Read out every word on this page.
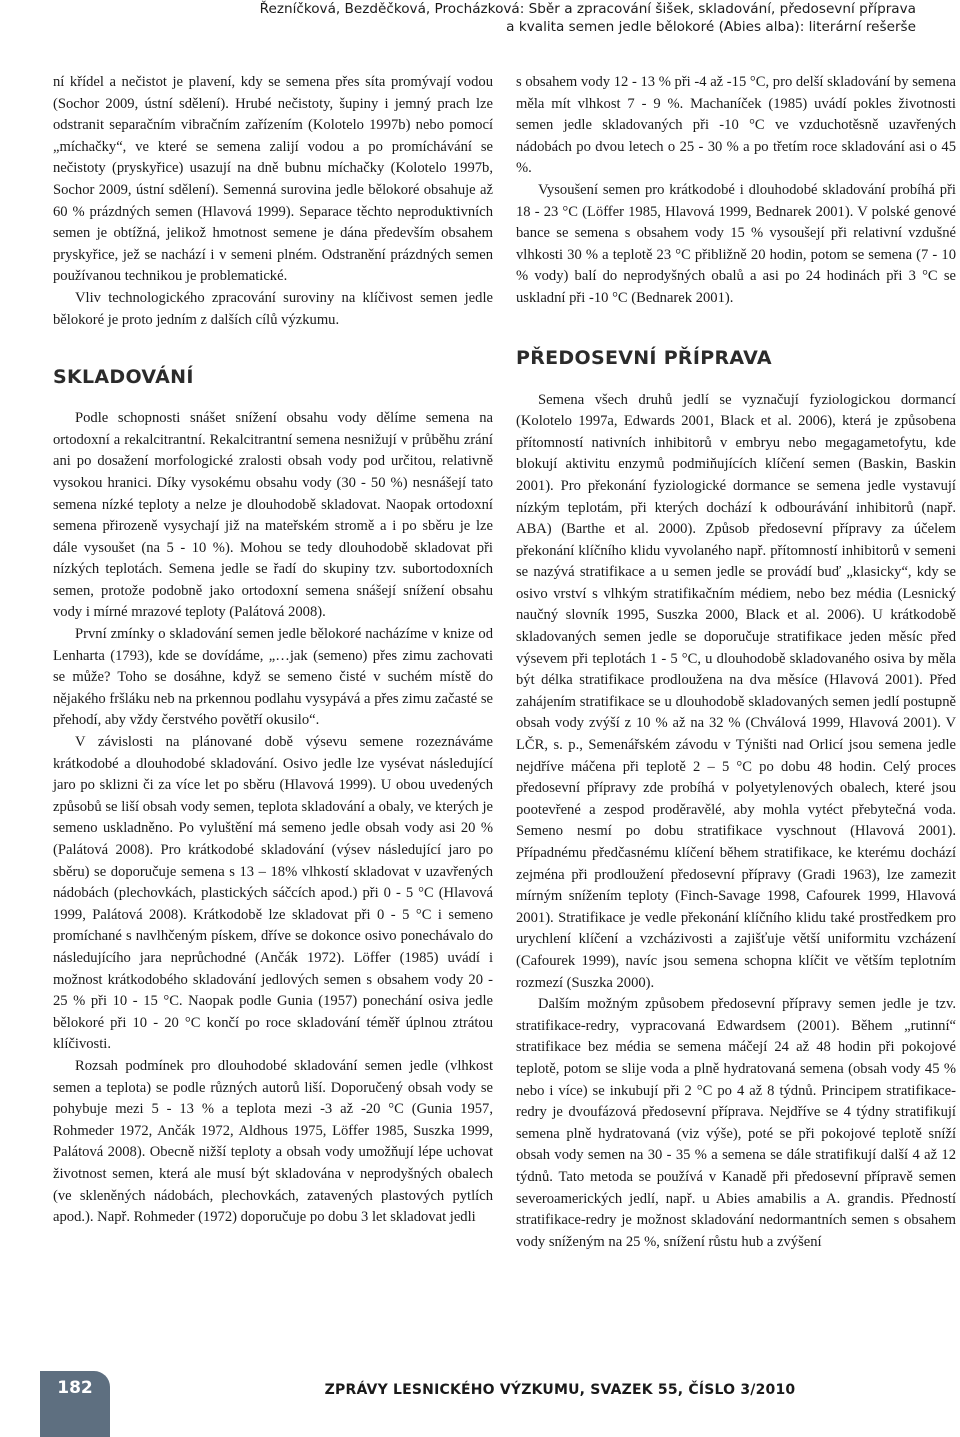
Řezníčková, Bezděčková, Procházková: Sběr a zpracování šišek, skladování, předosevní příprava
a kvalita semen jedle bělokoré (Abies alba): literární rešerše

ní křídel a nečistot je plavení, kdy se semena přes síta promývají vodou (Sochor 2009, ústní sdělení). Hrubé nečistoty, šupiny i jemný prach lze odstranit separačním vibračním zařízením (Kolotelo 1997b) nebo pomocí „míchačky“, ve které se semena zalijí vodou a po promíchávání se nečistoty (pryskyřice) usazují na dně bubnu míchačky (Kolotelo 1997b, Sochor 2009, ústní sdělení). Semenná surovina jedle bělokoré obsahuje až 60 % prázdných semen (Hlavová 1999). Separace těchto neproduktivních semen je obtížná, jelikož hmotnost semene je dána především obsahem pryskyřice, jež se nachází i v semeni plném. Odstranění prázdných semen používanou technikou je problematické.

Vliv technologického zpracování suroviny na klíčivost semen jedle bělokoré je proto jedním z dalších cílů výzkumu.

SKLADOVÁNÍ

Podle schopnosti snášet snížení obsahu vody dělíme semena na ortodoxní a rekalcitrantní. Rekalcitrantní semena nesnižují v průběhu zrání ani po dosažení morfologické zralosti obsah vody pod určitou, relativně vysokou hranici. Díky vysokému obsahu vody (30 - 50 %) nesnášejí tato semena nízké teploty a nelze je dlouhodobě skladovat. Naopak ortodoxní semena přirozeně vysychají již na mateřském stromě a i po sběru je lze dále vysoušet (na 5 - 10 %). Mohou se tedy dlouhodobě skladovat při nízkých teplotách. Semena jedle se řadí do skupiny tzv. subortodoxních semen, protože podobně jako ortodoxní semena snášejí snížení obsahu vody i mírné mrazové teploty (Palátová 2008).

První zmínky o skladování semen jedle bělokoré nacházíme v knize od Lenharta (1793), kde se dovídáme, „…jak (semeno) přes zimu zachovati se může? Toho se dosáhne, když se semeno čisté v suchém místě do nějakého fršláku neb na prkennou podlahu vysypává a přes zimu začasté se přehodí, aby vždy čerstvého povětří okusilo“.

V závislosti na plánované době výsevu semene rozeznáváme krátkodobé a dlouhodobé skladování. Osivo jedle lze vysévat následující jaro po sklizni či za více let po sběru (Hlavová 1999). U obou uvedených způsobů se liší obsah vody semen, teplota skladování a obaly, ve kterých je semeno uskladněno. Po vyluštění má semeno jedle obsah vody asi 20 % (Palátová 2008). Pro krátkodobé skladování (výsev následující jaro po sběru) se doporučuje semena s 13 – 18% vlhkostí skladovat v uzavřených nádobách (plechovkách, plastických sáčcích apod.) při 0 - 5 °C (Hlavová 1999, Palátová 2008). Krátkodobě lze skladovat při 0 - 5 °C i semeno promíchané s navlhčeným pískem, dříve se dokonce osivo ponechávalo do následujícího jara neprůchodné (Ančák 1972). Löffer (1985) uvádí i možnost krátkodobého skladování jedlových semen s obsahem vody 20 - 25 % při 10 - 15 °C. Naopak podle Gunia (1957) ponechání osiva jedle bělokoré při 10 - 20 °C končí po roce skladování téměř úplnou ztrátou klíčivosti.

Rozsah podmínek pro dlouhodobé skladování semen jedle (vlhkost semen a teplota) se podle různých autorů liší. Doporučený obsah vody se pohybuje mezi 5 - 13 % a teplota mezi -3 až -20 °C (Gunia 1957, Rohmeder 1972, Ančák 1972, Aldhous 1975, Löffer 1985, Suszka 1999, Palátová 2008). Obecně nižší teploty a obsah vody umožňují lépe uchovat životnost semen, která ale musí být skladována v neprodyšných obalech (ve skleněných nádobách, plechovkách, zatavených plastových pytlích apod.). Např. Rohmeder (1972) doporučuje po dobu 3 let skladovat jedli

s obsahem vody 12 - 13 % při -4 až -15 °C, pro delší skladování by semena měla mít vlhkost 7 - 9 %. Machaníček (1985) uvádí pokles životnosti semen jedle skladovaných při -10 °C ve vzduchotěsně uzavřených nádobách po dvou letech o 25 - 30 % a po třetím roce skladování asi o 45 %.

Vysoušení semen pro krátkodobé i dlouhodobé skladování probíhá při 18 - 23 °C (Löffer 1985, Hlavová 1999, Bednarek 2001). V polské genové bance se semena s obsahem vody 15 % vysoušejí při relativní vzdušné vlhkosti 30 % a teplotě 23 °C přibližně 20 hodin, potom se semena (7 - 10 % vody) balí do neprodyšných obalů a asi po 24 hodinách při 3 °C se uskladní při -10 °C (Bednarek 2001).

PŘEDOSEVNÍ PŘÍPRAVA

Semena všech druhů jedlí se vyznačují fyziologickou dormancí (Kolotelo 1997a, Edwards 2001, Black et al. 2006), která je způsobena přítomností nativních inhibitorů v embryu nebo megagametofytu, kde blokují aktivitu enzymů podmiňujících klíčení semen (Baskin, Baskin 2001). Pro překonání fyziologické dormance se semena jedle vystavují nízkým teplotám, při kterých dochází k odbourávání inhibitorů (např. ABA) (Barthe et al. 2000). Způsob předosevní přípravy za účelem překonání klíčního klidu vyvolaného např. přítomností inhibitorů v semeni se nazývá stratifikace a u semen jedle se provádí buď „klasicky“, kdy se osivo vrství s vlhkým stratifikačním médiem, nebo bez média (Lesnický naučný slovník 1995, Suszka 2000, Black et al. 2006). U krátkodobě skladovaných semen jedle se doporučuje stratifikace jeden měsíc před výsevem při teplotách 1 - 5 °C, u dlouhodobě skladovaného osiva by měla být délka stratifikace prodloužena na dva měsíce (Hlavová 2001). Před zahájením stratifikace se u dlouhodobě skladovaných semen jedlí postupně obsah vody zvýší z 10 % až na 32 % (Chválová 1999, Hlavová 2001). V LČR, s. p., Semenářském závodu v Týništi nad Orlicí jsou semena jedle nejdříve máčena při teplotě 2 – 5 °C po dobu 48 hodin. Celý proces předosevní přípravy zde probíhá v polyetylenových obalech, které jsou pootevřené a zespod proděravělé, aby mohla vytéct přebytečná voda. Semeno nesmí po dobu stratifikace vyschnout (Hlavová 2001). Případnému předčasnému klíčení během stratifikace, ke kterému dochází zejména při prodloužení předosevní přípravy (Gradi 1963), lze zamezit mírným snížením teploty (Finch-Savage 1998, Cafourek 1999, Hlavová 2001). Stratifikace je vedle překonání klíčního klidu také prostředkem pro urychlení klíčení a vzcházivosti a zajišťuje větší uniformitu vzcházení (Cafourek 1999), navíc jsou semena schopna klíčit ve větším teplotním rozmezí (Suszka 2000).

Dalším možným způsobem předosevní přípravy semen jedle je tzv. stratifikace-redry, vypracovaná Edwardsem (2001). Během „rutinní“ stratifikace bez média se semena máčejí 24 až 48 hodin při pokojové teplotě, potom se slije voda a plně hydratovaná semena (obsah vody 45 % nebo i více) se inkubují při 2 °C po 4 až 8 týdnů. Principem stratifikace-redry je dvoufázová předosevní příprava. Nejdříve se 4 týdny stratifikují semena plně hydratovaná (viz výše), poté se při pokojové teplotě sníží obsah vody semen na 30 - 35 % a semena se dále stratifikují další 4 až 12 týdnů. Tato metoda se používá v Kanadě při předosevní přípravě semen severoamerických jedlí, např. u Abies amabilis a A. grandis. Předností stratifikace-redry je možnost skladování nedormantních semen s obsahem vody sníženým na 25 %, snížení růstu hub a zvýšení

182	ZPRÁVY LESNICKÉHO VÝZKUMU, SVAZEK 55, ČÍSLO 3/2010
